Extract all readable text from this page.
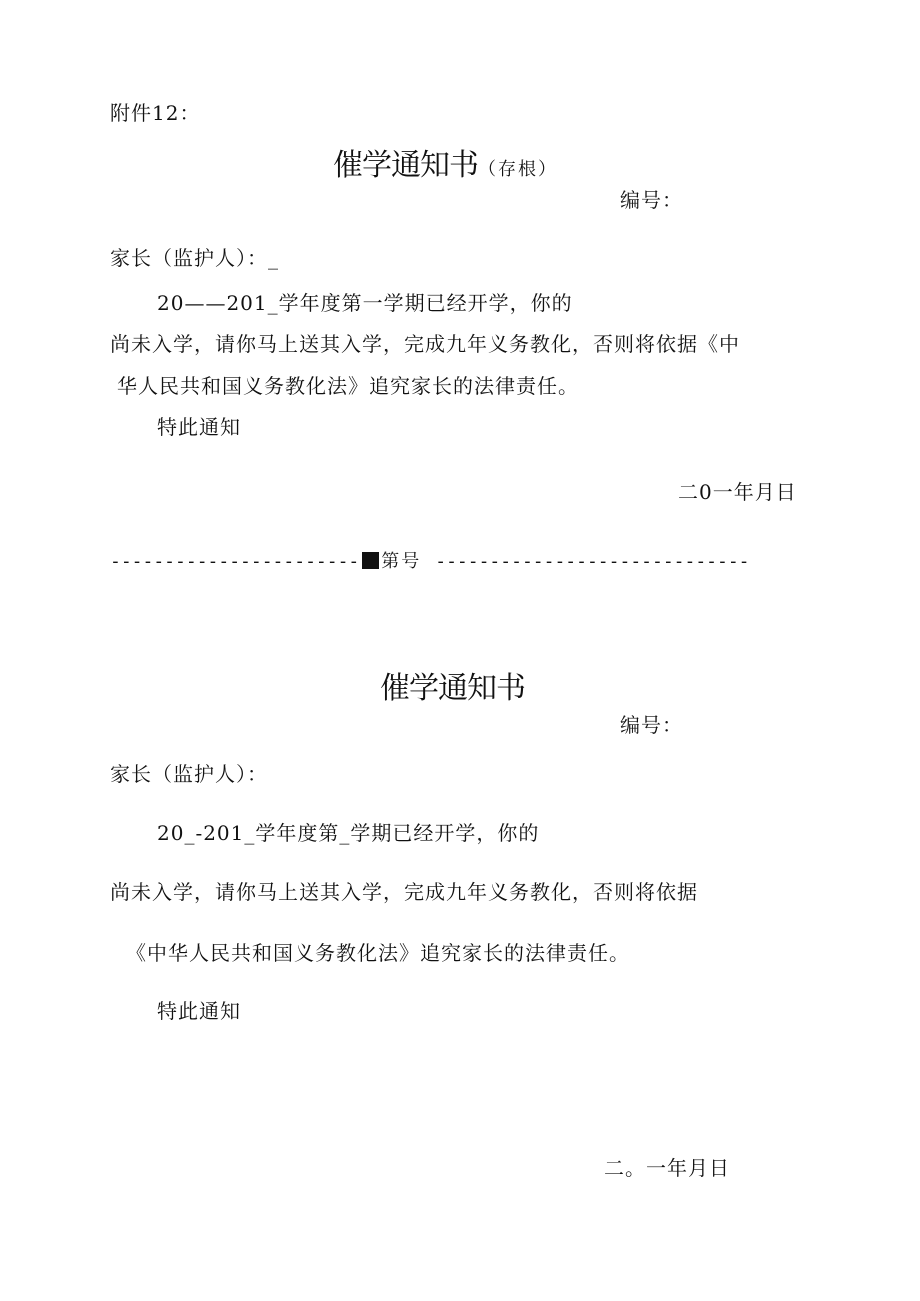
附件12：
催学通知书（存根）
编号：
家长（监护人）：_
20——201_学年度第一学期已经开学，你的
尚未入学，请你马上送其入学，完成九年义务教化，否则将依据《中
华人民共和国义务教化法》追究家长的法律责任。
特此通知
二0一年月日
----------------------- 第号 -----------------------------
催学通知书
编号：
家长（监护人）：
20_-201_学年度第_学期已经开学，你的
尚未入学，请你马上送其入学，完成九年义务教化，否则将依据
《中华人民共和国义务教化法》追究家长的法律责任。
特此通知
二。一年月日
